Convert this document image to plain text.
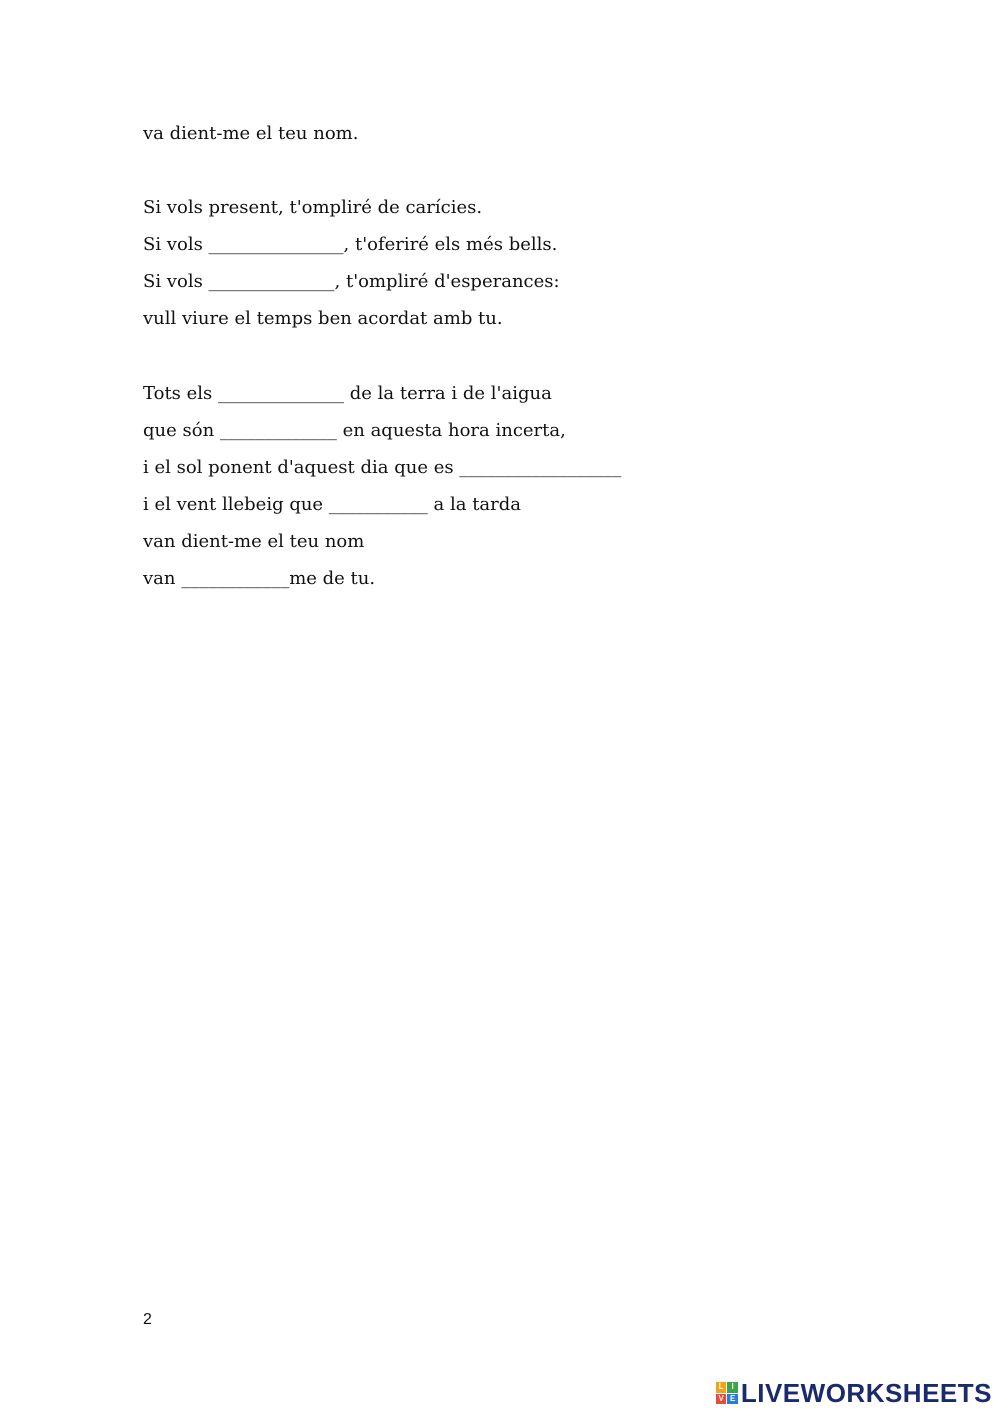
va dient-me el teu nom.
Si vols present, t'ompliré de carícies.
Si vols _______________, t'oferiré els més bells.
Si vols ______________, t'ompliré d'esperances:
vull viure el temps ben acordat amb tu.
Tots els ______________ de la terra i de l'aigua
que són _____________ en aquesta hora incerta,
i el sol ponent d'aquest dia que es __________________
i el vent llebeig que ___________ a la tarda
van dient-me el teu nom
van ____________me de tu.
2
L I
V E LIVEWORKSHEETS
